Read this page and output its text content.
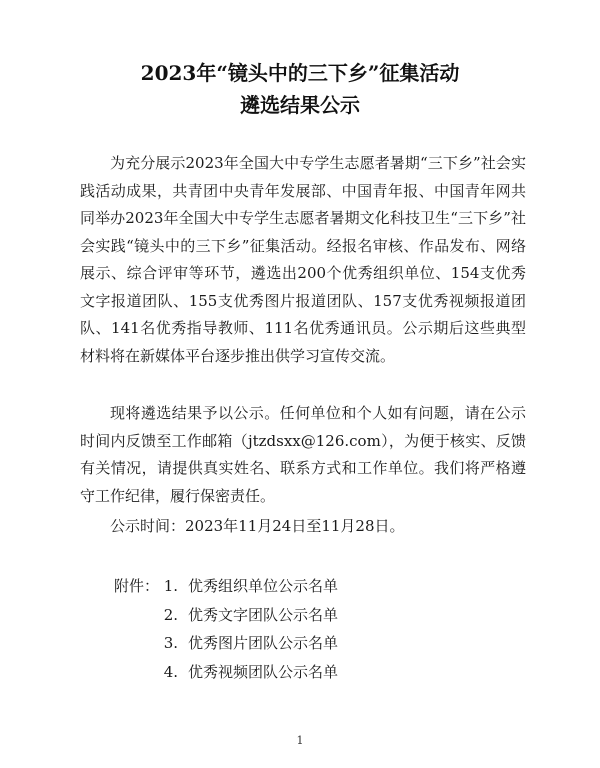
2023年“镜头中的三下乡”征集活动
遴选结果公示

为充分展示2023年全国大中专学生志愿者暑期“三下乡”社会实践活动成果，共青团中央青年发展部、中国青年报、中国青年网共同举办2023年全国大中专学生志愿者暑期文化科技卫生“三下乡”社会实践“镜头中的三下乡”征集活动。经报名审核、作品发布、网络展示、综合评审等环节，遴选出200个优秀组织单位、154支优秀文字报道团队、155支优秀图片报道团队、157支优秀视频报道团队、141名优秀指导教师、111名优秀通讯员。公示期后这些典型材料将在新媒体平台逐步推出供学习宣传交流。

现将遴选结果予以公示。任何单位和个人如有问题，请在公示时间内反馈至工作邮箱（jtzdsxx@126.com），为便于核实、反馈有关情况，请提供真实姓名、联系方式和工作单位。我们将严格遵守工作纪律，履行保密责任。

公示时间：2023年11月24日至11月28日。

附件： 1. 优秀组织单位公示名单
2. 优秀文字团队公示名单
3. 优秀图片团队公示名单
4. 优秀视频团队公示名单
1
